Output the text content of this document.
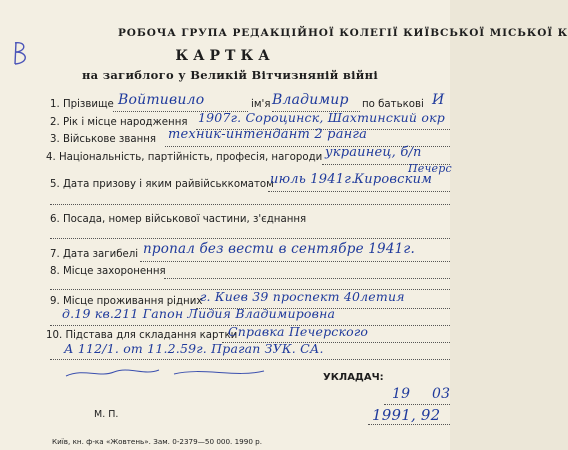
РОБОЧА ГРУПА РЕДАКЦІЙНОЇ КОЛЕГІЇ КИЇВСЬКОЇ МІСЬКОЇ К
КАРТКА
на загиблого у Великій Вітчизняній війні
1. Прізвище Войтивило	ім'я Владимир по батькові И
2. Рік і місце народження 1907г. Сороцинск, Шахтинский окр
3. Військове звання техник-интендант 2 ранга
4. Національність, партійність, професія, нагороди украинец, б/п
Печерс
5. Дата призову і яким райвійськкоматом
июль 1941г.
Кировским
6. Посада, номер військової частини, з'єднання
7. Дата загибелі пропал без вести в сентябре 1941г.
8. Місце захоронення
9. Місце проживання рідних
г. Киев 39 проспект 40летия
д.19 кв.211 Гапон Лидия Владимировна
10. Підстава для складання картки
Справка Печерского
А 112/1. от 11.2.59г. Прагап ЗУК. СА.
М. П.
УКЛАДАЧ:
19 03
1991, 92
Київ, кн. ф-ка «Жовтень». Зам. 0-2379—50 000. 1990 р.
